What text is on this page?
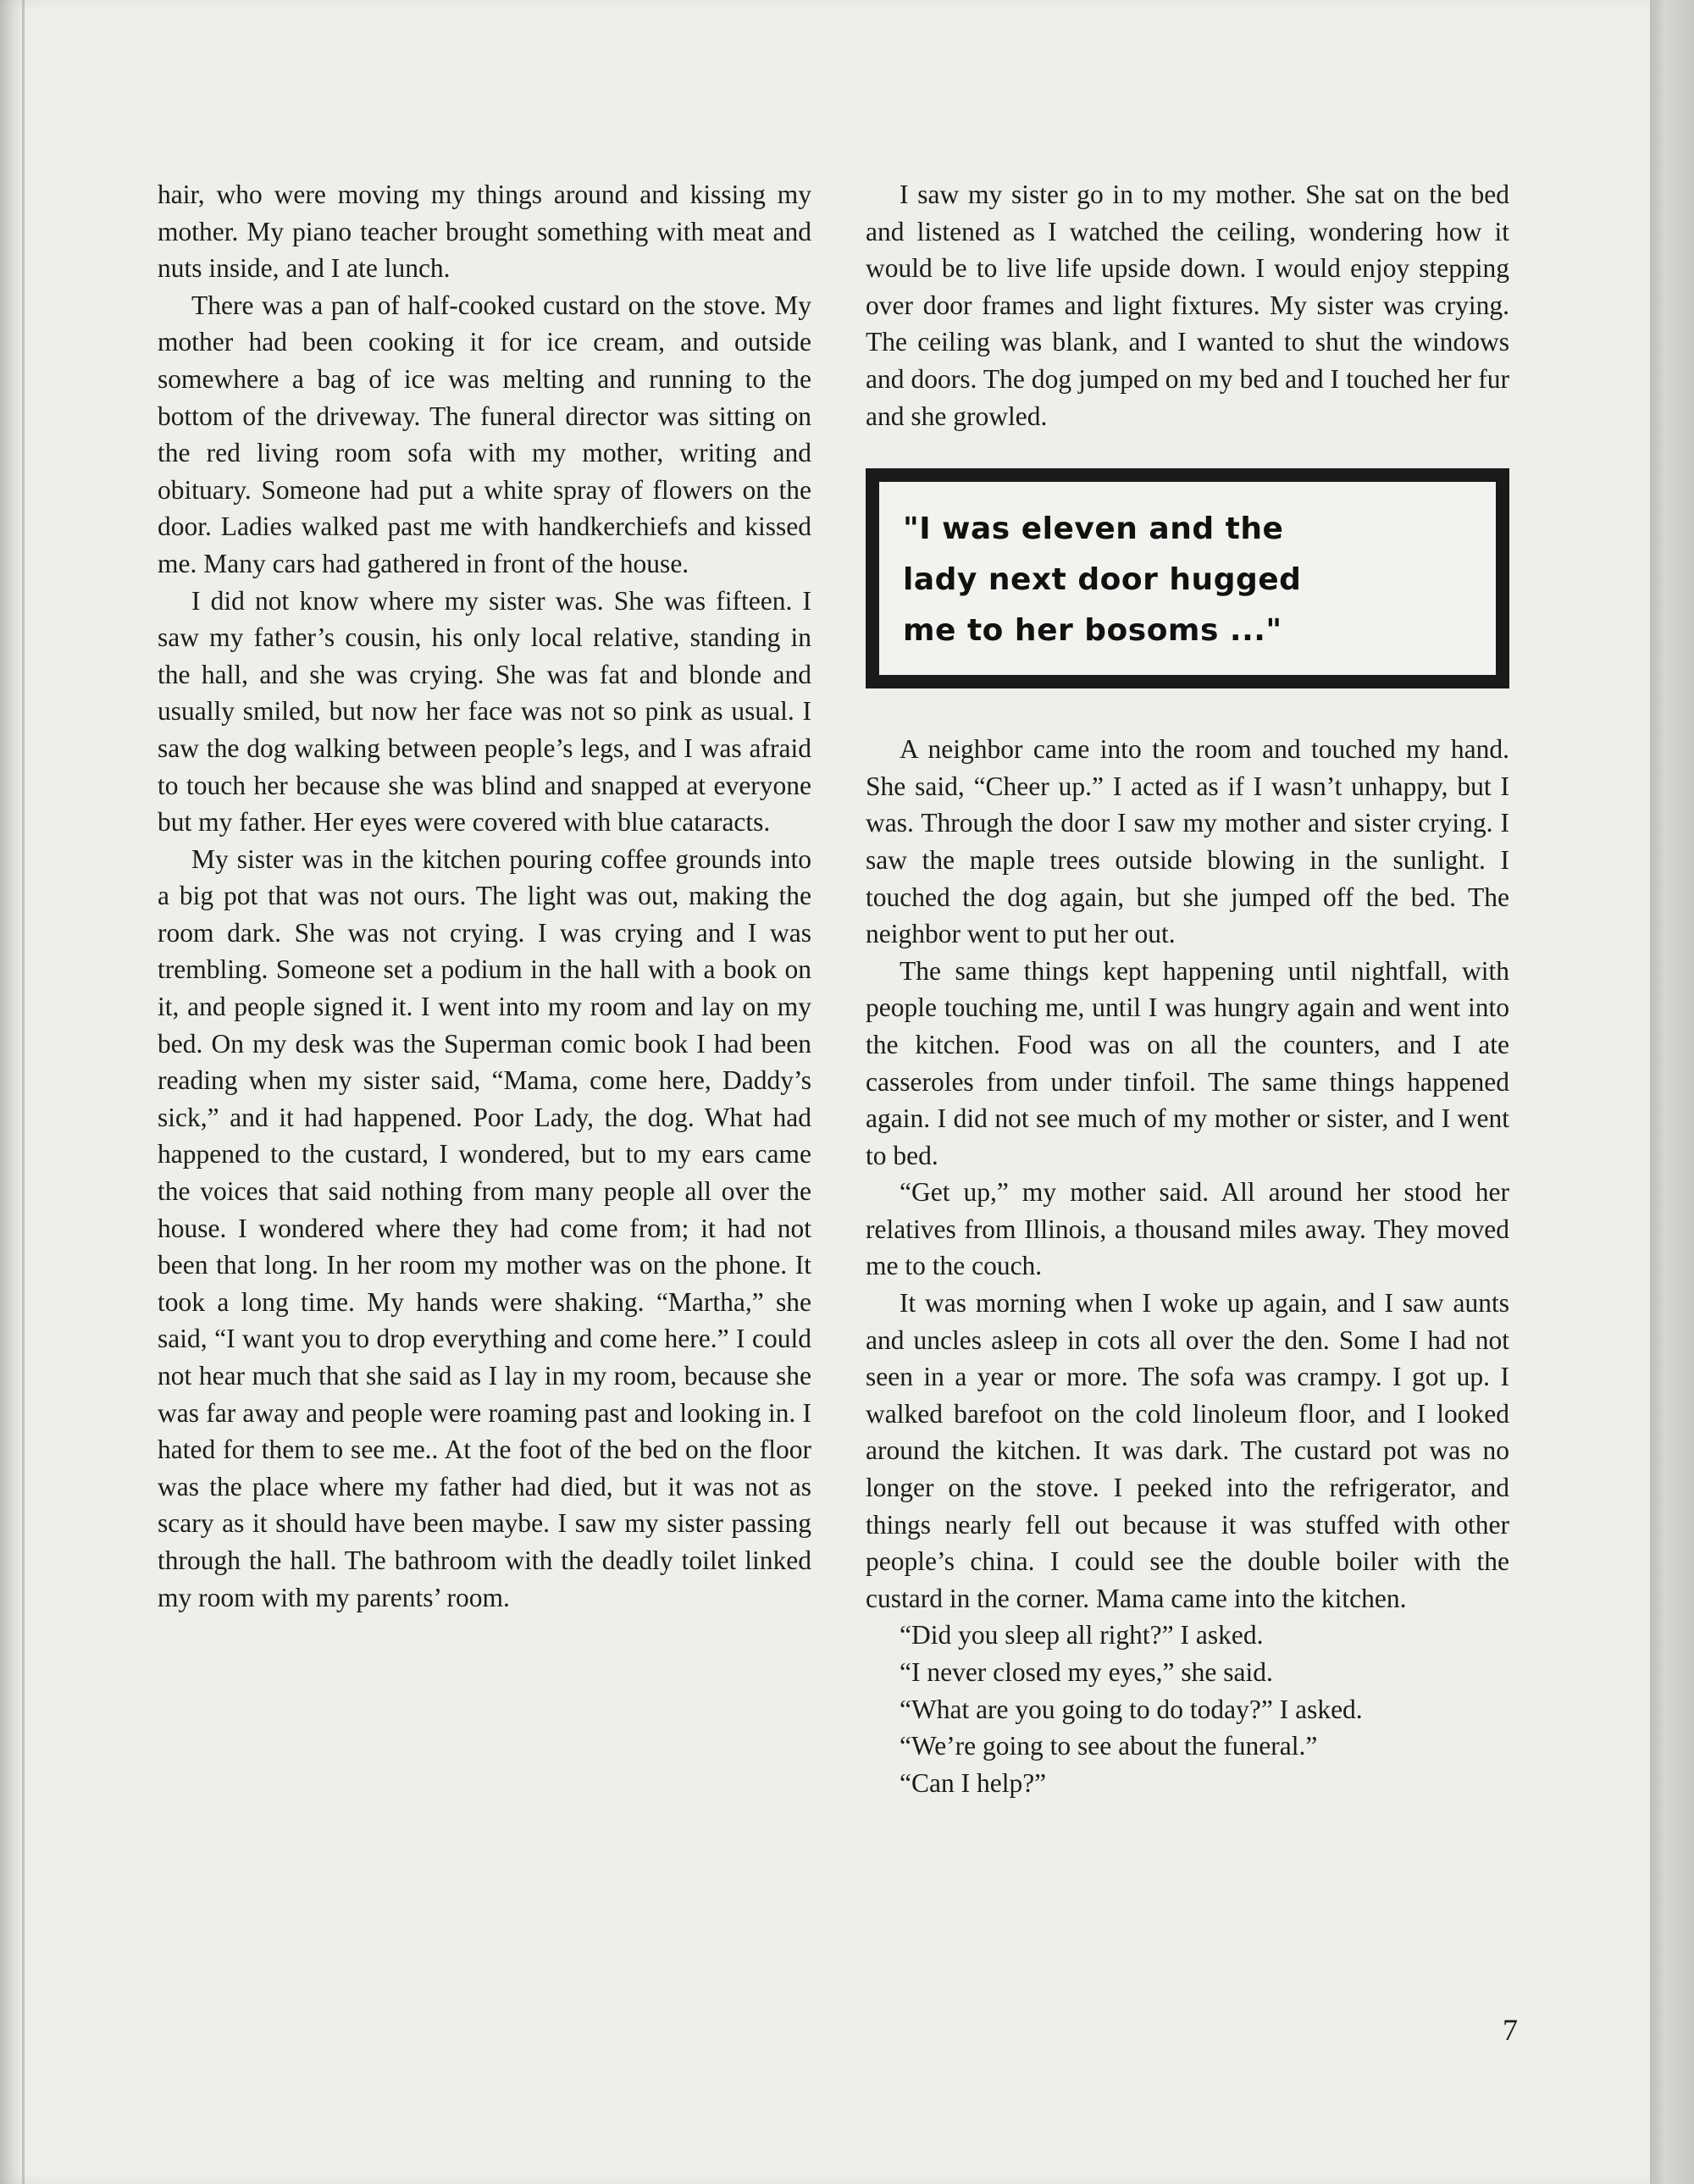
hair, who were moving my things around and kissing my mother. My piano teacher brought something with meat and nuts inside, and I ate lunch.

There was a pan of half-cooked custard on the stove. My mother had been cooking it for ice cream, and outside somewhere a bag of ice was melting and running to the bottom of the driveway. The funeral director was sitting on the red living room sofa with my mother, writing and obituary. Someone had put a white spray of flowers on the door. Ladies walked past me with handkerchiefs and kissed me. Many cars had gathered in front of the house.

I did not know where my sister was. She was fifteen. I saw my father’s cousin, his only local relative, standing in the hall, and she was crying. She was fat and blonde and usually smiled, but now her face was not so pink as usual. I saw the dog walking between people’s legs, and I was afraid to touch her because she was blind and snapped at everyone but my father. Her eyes were covered with blue cataracts.

My sister was in the kitchen pouring coffee grounds into a big pot that was not ours. The light was out, making the room dark. She was not crying. I was crying and I was trembling. Someone set a podium in the hall with a book on it, and people signed it. I went into my room and lay on my bed. On my desk was the Superman comic book I had been reading when my sister said, “Mama, come here, Daddy’s sick,” and it had happened. Poor Lady, the dog. What had happened to the custard, I wondered, but to my ears came the voices that said nothing from many people all over the house. I wondered where they had come from; it had not been that long. In her room my mother was on the phone. It took a long time. My hands were shaking. “Martha,” she said, “I want you to drop everything and come here.” I could not hear much that she said as I lay in my room, because she was far away and people were roaming past and looking in. I hated for them to see me.. At the foot of the bed on the floor was the place where my father had died, but it was not as scary as it should have been maybe. I saw my sister passing through the hall. The bathroom with the deadly toilet linked my room with my parents’ room.

I saw my sister go in to my mother. She sat on the bed and listened as I watched the ceiling, wondering how it would be to live life upside down. I would enjoy stepping over door frames and light fixtures. My sister was crying. The ceiling was blank, and I wanted to shut the windows and doors. The dog jumped on my bed and I touched her fur and she growled.

"I was eleven and the
lady next door hugged
me to her bosoms ..."

A neighbor came into the room and touched my hand. She said, “Cheer up.” I acted as if I wasn’t unhappy, but I was. Through the door I saw my mother and sister crying. I saw the maple trees outside blowing in the sunlight. I touched the dog again, but she jumped off the bed. The neighbor went to put her out.

The same things kept happening until nightfall, with people touching me, until I was hungry again and went into the kitchen. Food was on all the counters, and I ate casseroles from under tinfoil. The same things happened again. I did not see much of my mother or sister, and I went to bed.

“Get up,” my mother said. All around her stood her relatives from Illinois, a thousand miles away. They moved me to the couch.

It was morning when I woke up again, and I saw aunts and uncles asleep in cots all over the den. Some I had not seen in a year or more. The sofa was crampy. I got up. I walked barefoot on the cold linoleum floor, and I looked around the kitchen. It was dark. The custard pot was no longer on the stove. I peeked into the refrigerator, and things nearly fell out because it was stuffed with other people’s china. I could see the double boiler with the custard in the corner. Mama came into the kitchen.

“Did you sleep all right?” I asked.

“I never closed my eyes,” she said.

“What are you going to do today?” I asked.

“We’re going to see about the funeral.”

“Can I help?”

7
